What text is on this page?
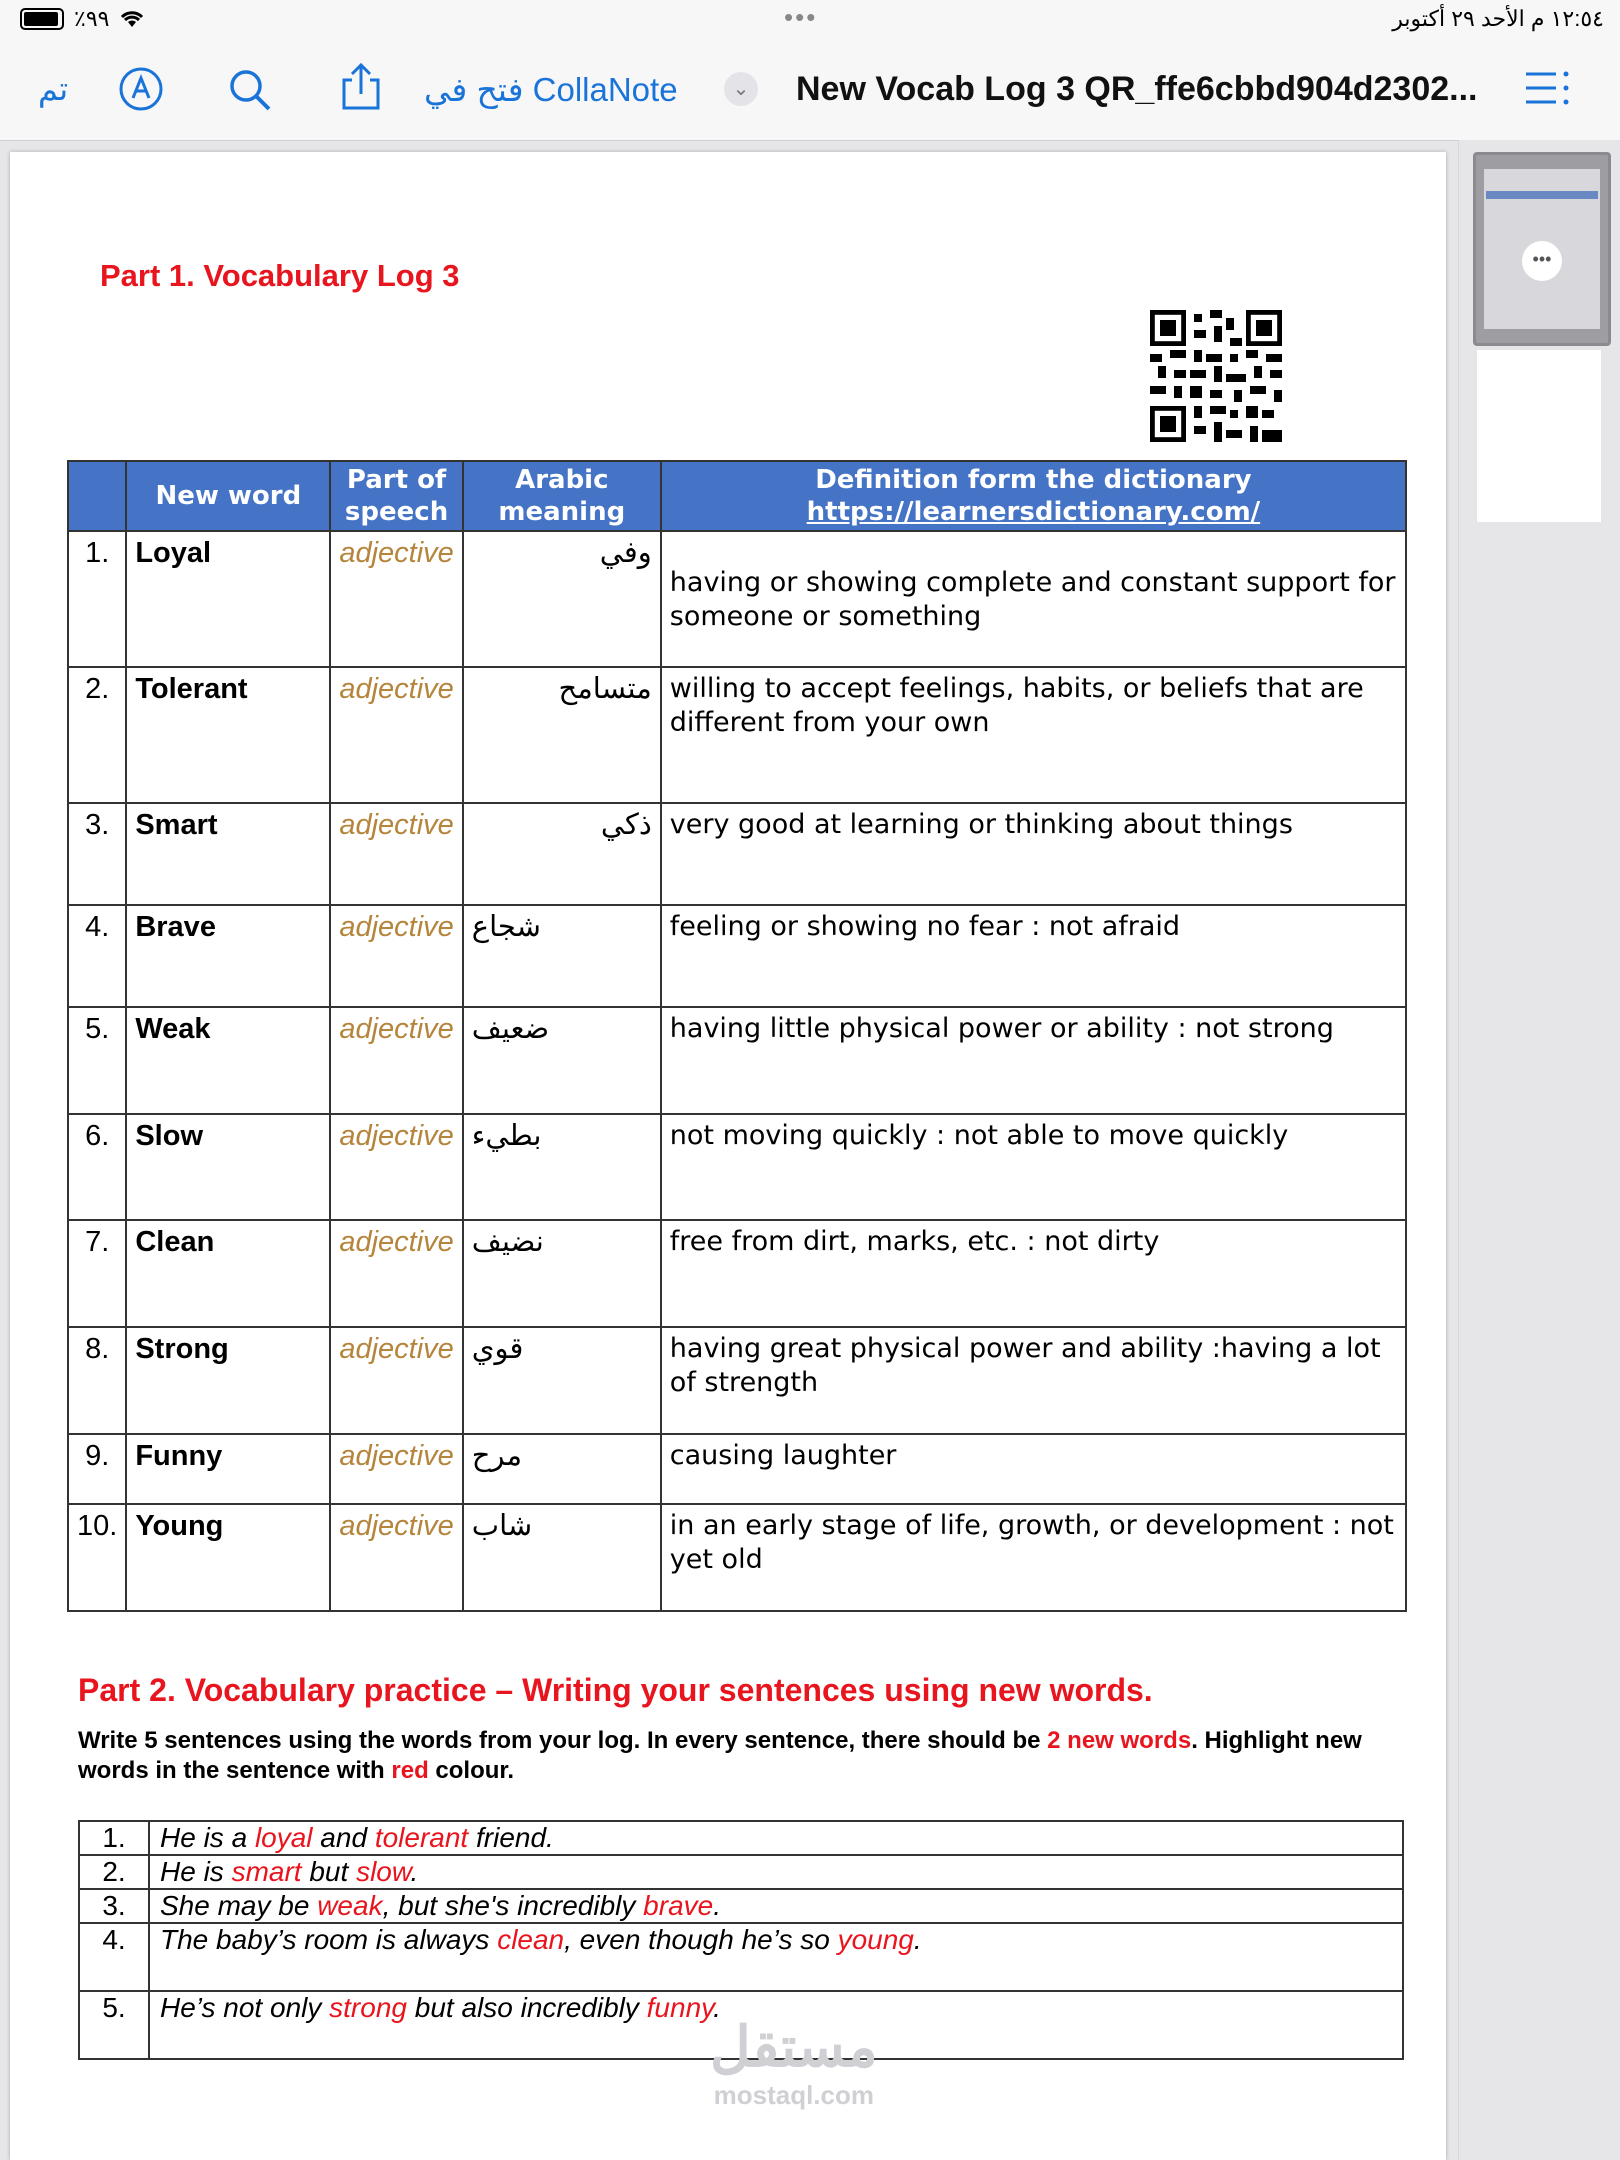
٪٩٩	•••	١٢:٥٤ م الأحد ٢٩ أكتوبر
تم	فتح في CollaNote	⌄ New Vocab Log 3 QR_ffe6cbbd904d2302...
Part 1. Vocabulary Log 3
	New word	Part of speech	Arabic meaning	Definition form the dictionary
https://learnersdictionary.com/

1.	Loyal	adjective	وفي	having or showing complete and constant support for someone or something
2.	Tolerant	adjective	متسامح	willing to accept feelings, habits, or beliefs that are different from your own
3.	Smart	adjective	ذكي	very good at learning or thinking about things
4.	Brave	adjective	شجاع	feeling or showing no fear : not afraid
5.	Weak	adjective	ضعيف	having little physical power or ability : not strong
6.	Slow	adjective	بطيء	not moving quickly : not able to move quickly
7.	Clean	adjective	نضيف	free from dirt, marks, etc. : not dirty
8.	Strong	adjective	قوي	having great physical power and ability :having a lot of strength
9.	Funny	adjective	مرح	causing laughter
10.	Young	adjective	شاب	in an early stage of life, growth, or development : not yet old
Part 2. Vocabulary practice – Writing your sentences using new words.
Write 5 sentences using the words from your log. In every sentence, there should be 2 new words. Highlight new words in the sentence with red colour.
1.	He is a loyal and tolerant friend.
2.	He is smart but slow.
3.	She may be weak, but she's incredibly brave.
4.	The baby’s room is always clean, even though he’s so young.
5.	He’s not only strong but also incredibly funny.
مستقل
mostaql.com
•••
